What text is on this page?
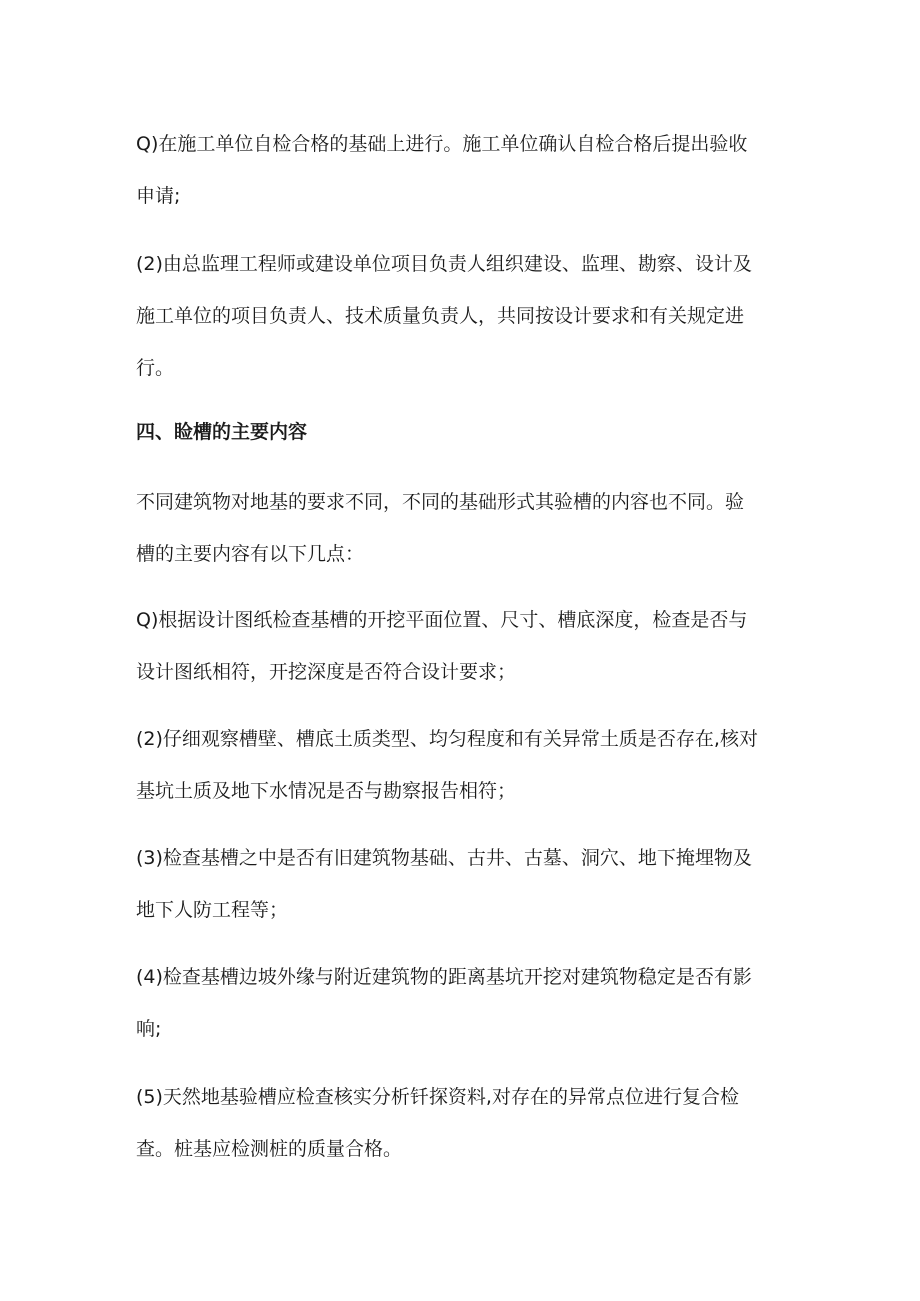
Q)在施工单位自检合格的基础上进行。施工单位确认自检合格后提出验收
申请;

(2)由总监理工程师或建设单位项目负责人组织建设、监理、勘察、设计及
施工单位的项目负责人、技术质量负责人，共同按设计要求和有关规定进
行。

四、睑槽的主要内容

不同建筑物对地基的要求不同，不同的基础形式其验槽的内容也不同。验
槽的主要内容有以下几点：

Q)根据设计图纸检查基槽的开挖平面位置、尺寸、槽底深度，检查是否与
设计图纸相符，开挖深度是否符合设计要求；

(2)仔细观察槽壁、槽底土质类型、均匀程度和有关异常土质是否存在,核对
基坑土质及地下水情况是否与勘察报告相符；

(3)检查基槽之中是否有旧建筑物基础、古井、古墓、洞穴、地下掩埋物及
地下人防工程等；

(4)检查基槽边坡外缘与附近建筑物的距离基坑开挖对建筑物稳定是否有影
响;

(5)天然地基验槽应检查核实分析钎探资料,对存在的异常点位进行复合检
查。桩基应检测桩的质量合格。
